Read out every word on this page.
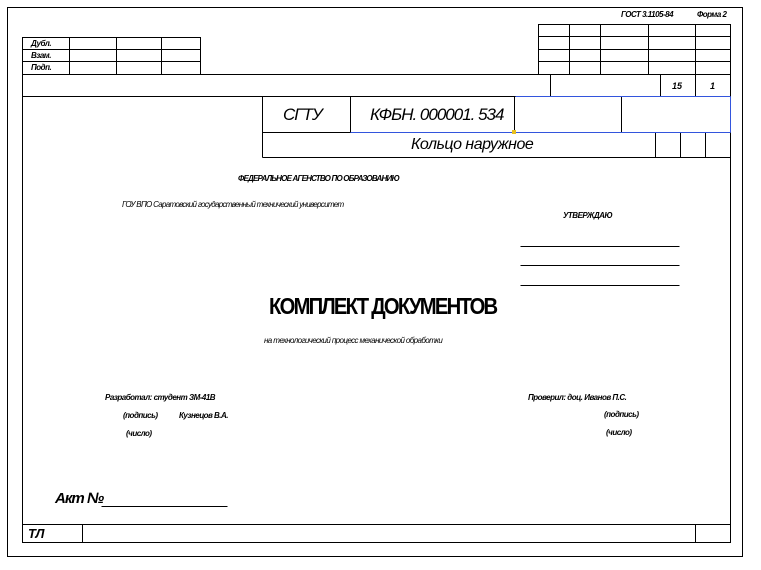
ГОСТ 3.1105-84	Форма 2
Дубл.
Взам.
Подп.
15	1
СГТУ	КФБН. 000001. 534
Кольцо наружное
ФЕДЕРАЛЬНОЕ АГЕНСТВО ПО ОБРАЗОВАНИЮ
ГОУ ВПО Саратовский государственный технический университет
УТВЕРЖДАЮ
КОМПЛЕКТ ДОКУМЕНТОВ
на технологический процесс механической обработки
Разработал: студент ЗМ-41В
(подпись)	Кузнецов В.А.
(число)
Проверил: доц. Иванов П.С.
(подпись)
(число)
Акт №
ТЛ
